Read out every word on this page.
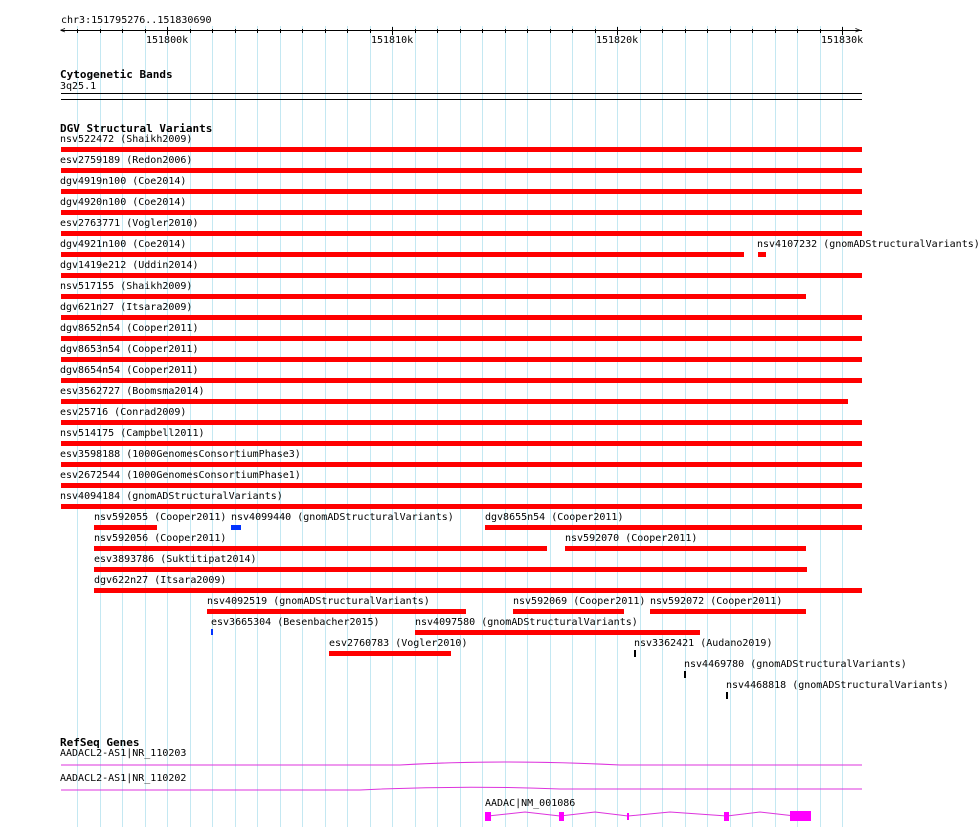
chr3:151795276..151830690
<	>
151800k	151810k	151820k	151830k
Cytogenetic Bands
3q25.1
DGV Structural Variants
nsv522472 (Shaikh2009)
esv2759189 (Redon2006)
dgv4919n100 (Coe2014)
dgv4920n100 (Coe2014)
esv2763771 (Vogler2010)
dgv4921n100 (Coe2014)	nsv4107232 (gnomADStructuralVariants)
dgv1419e212 (Uddin2014)
nsv517155 (Shaikh2009)
dgv621n27 (Itsara2009)
dgv8652n54 (Cooper2011)
dgv8653n54 (Cooper2011)
dgv8654n54 (Cooper2011)
esv3562727 (Boomsma2014)
esv25716 (Conrad2009)
nsv514175 (Campbell2011)
esv3598188 (1000GenomesConsortiumPhase3)
esv2672544 (1000GenomesConsortiumPhase1)
nsv4094184 (gnomADStructuralVariants)
nsv592055 (Cooper2011) nsv4099440 (gnomADStructuralVariants)	dgv8655n54 (Cooper2011)
nsv592056 (Cooper2011)	nsv592070 (Cooper2011)
esv3893786 (Suktitipat2014)
dgv622n27 (Itsara2009)
nsv4092519 (gnomADStructuralVariants)	nsv592069 (Cooper2011) nsv592072 (Cooper2011)
esv3665304 (Besenbacher2015)	nsv4097580 (gnomADStructuralVariants)
esv2760783 (Vogler2010)	nsv3362421 (Audano2019)
nsv4469780 (gnomADStructuralVariants)
nsv4468818 (gnomADStructuralVariants)
RefSeq Genes
AADACL2-AS1|NR_110203
AADACL2-AS1|NR_110202
AADAC|NM_001086
